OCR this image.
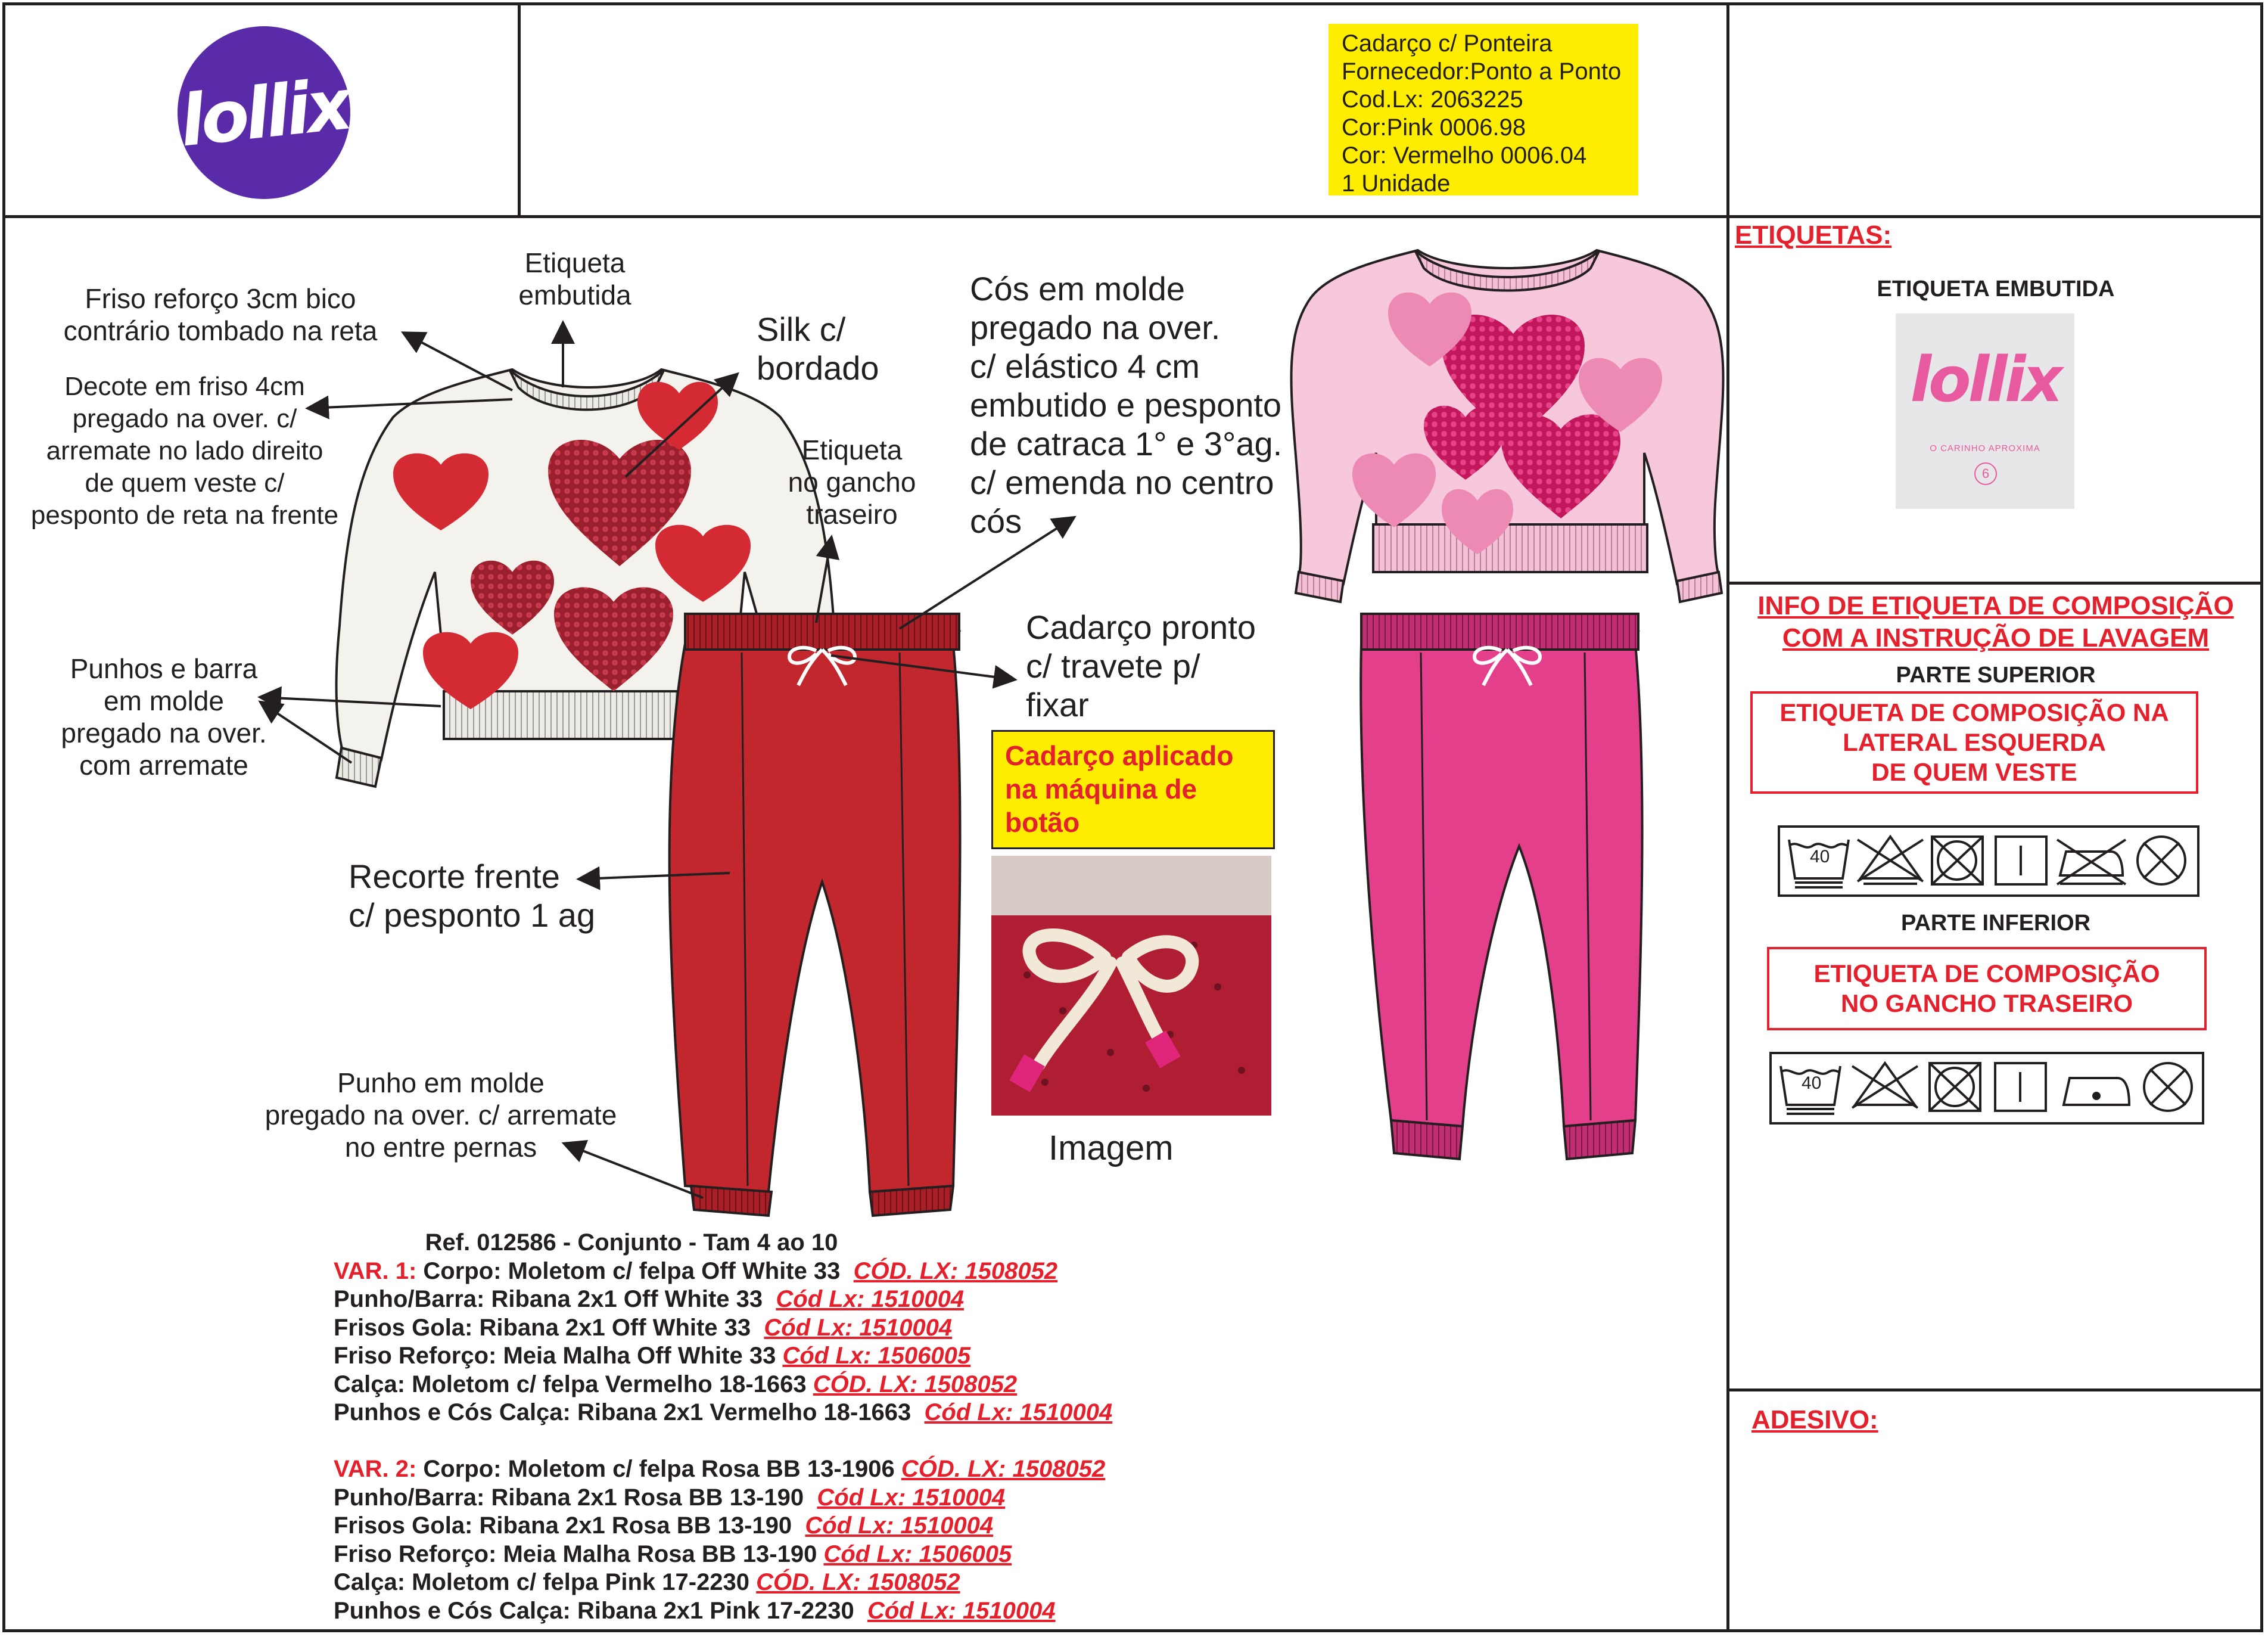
lollix
Cadarço c/ Ponteira
Fornecedor:Ponto a Ponto
Cod.Lx: 2063225
Cor:Pink 0006.98
Cor: Vermelho 0006.04
1 Unidade
Etiqueta
embutida
Friso reforço 3cm bico
contrário tombado na reta
Decote em friso 4cm
pregado na over. c/
arremate no lado direito
de quem veste c/
pesponto de reta na frente
Silk c/
bordado
Etiqueta
no gancho
traseiro
Cós em molde
pregado na over.
c/ elástico 4 cm
embutido e pesponto
de catraca 1° e 3°ag.
c/ emenda no centro
cós
Cadarço pronto
c/ travete p/
fixar
Punhos e barra
em molde
pregado na over.
com arremate
Recorte frente
c/ pesponto 1 ag
Punho em molde
pregado na over. c/ arremate
no entre pernas
Cadarço aplicado
na máquina de
botão
Imagem
Ref. 012586 - Conjunto - Tam 4 ao 10
VAR. 1: Corpo: Moletom c/ felpa Off White 33 CÓD. LX: 1508052
Punho/Barra: Ribana 2x1 Off White 33 Cód Lx: 1510004
Frisos Gola: Ribana 2x1 Off White 33 Cód Lx: 1510004
Friso Reforço: Meia Malha Off White 33 Cód Lx: 1506005
Calça: Moletom c/ felpa Vermelho 18-1663 CÓD. LX: 1508052
Punhos e Cós Calça: Ribana 2x1 Vermelho 18-1663 Cód Lx: 1510004
VAR. 2: Corpo: Moletom c/ felpa Rosa BB 13-1906 CÓD. LX: 1508052
Punho/Barra: Ribana 2x1 Rosa BB 13-190 Cód Lx: 1510004
Frisos Gola: Ribana 2x1 Rosa BB 13-190 Cód Lx: 1510004
Friso Reforço: Meia Malha Rosa BB 13-190 Cód Lx: 1506005
Calça: Moletom c/ felpa Pink 17-2230 CÓD. LX: 1508052
Punhos e Cós Calça: Ribana 2x1 Pink 17-2230 Cód Lx: 1510004
ETIQUETAS:
ETIQUETA EMBUTIDA
lollix
O CARINHO APROXIMA
6
INFO DE ETIQUETA DE COMPOSIÇÃO
COM A INSTRUÇÃO DE LAVAGEM
PARTE SUPERIOR
ETIQUETA DE COMPOSIÇÃO NA
LATERAL ESQUERDA
DE QUEM VESTE
40
PARTE INFERIOR
ETIQUETA DE COMPOSIÇÃO
NO GANCHO TRASEIRO
40
ADESIVO:
